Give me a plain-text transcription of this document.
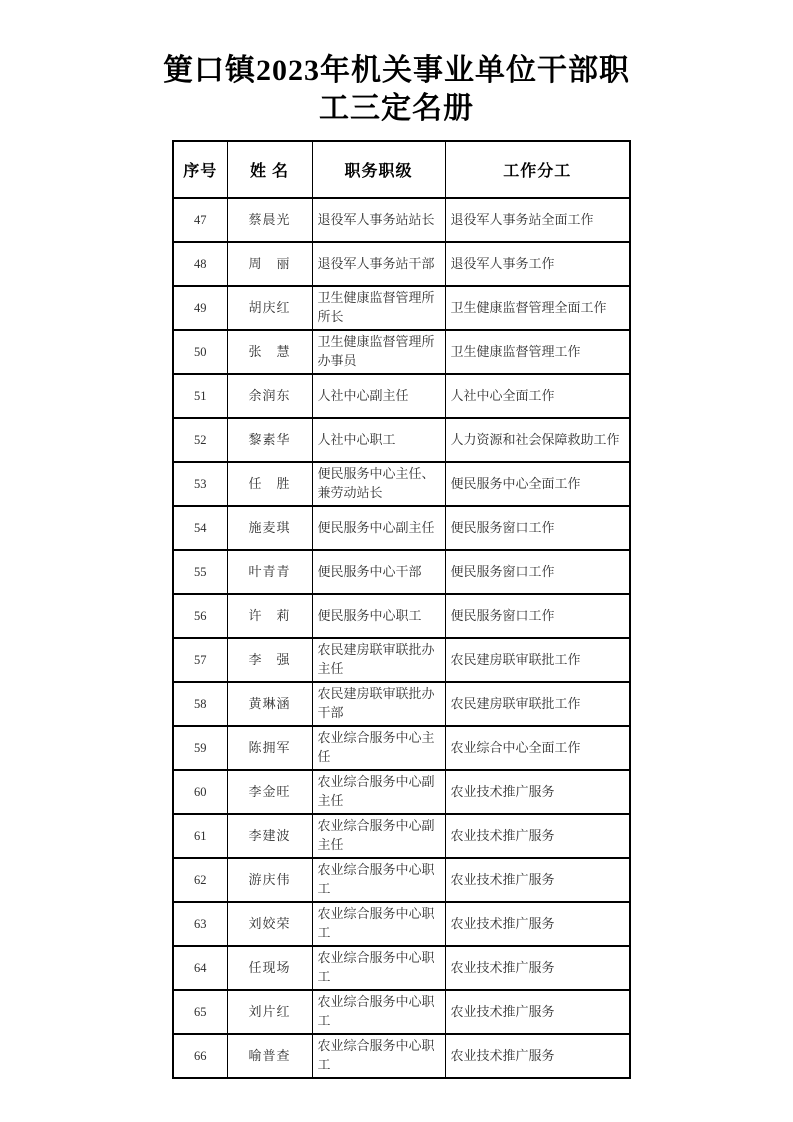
筻口镇2023年机关事业单位干部职工三定名册
序号	姓 名	职务职级	工作分工
47	蔡晨光	退役军人事务站站长	退役军人事务站全面工作
48	周　丽	退役军人事务站干部	退役军人事务工作
49	胡庆红	卫生健康监督管理所所长	卫生健康监督管理全面工作
50	张　慧	卫生健康监督管理所办事员	卫生健康监督管理工作
51	余润东	人社中心副主任	人社中心全面工作
52	黎素华	人社中心职工	人力资源和社会保障救助工作
53	任　胜	便民服务中心主任、兼劳动站长	便民服务中心全面工作
54	施麦琪	便民服务中心副主任	便民服务窗口工作
55	叶青青	便民服务中心干部	便民服务窗口工作
56	许　莉	便民服务中心职工	便民服务窗口工作
57	李　强	农民建房联审联批办主任	农民建房联审联批工作
58	黄琳涵	农民建房联审联批办干部	农民建房联审联批工作
59	陈拥军	农业综合服务中心主任	农业综合中心全面工作
60	李金旺	农业综合服务中心副主任	农业技术推广服务
61	李建波	农业综合服务中心副主任	农业技术推广服务
62	游庆伟	农业综合服务中心职工	农业技术推广服务
63	刘姣荣	农业综合服务中心职工	农业技术推广服务
64	任现场	农业综合服务中心职工	农业技术推广服务
65	刘片红	农业综合服务中心职工	农业技术推广服务
66	喻普查	农业综合服务中心职工	农业技术推广服务
